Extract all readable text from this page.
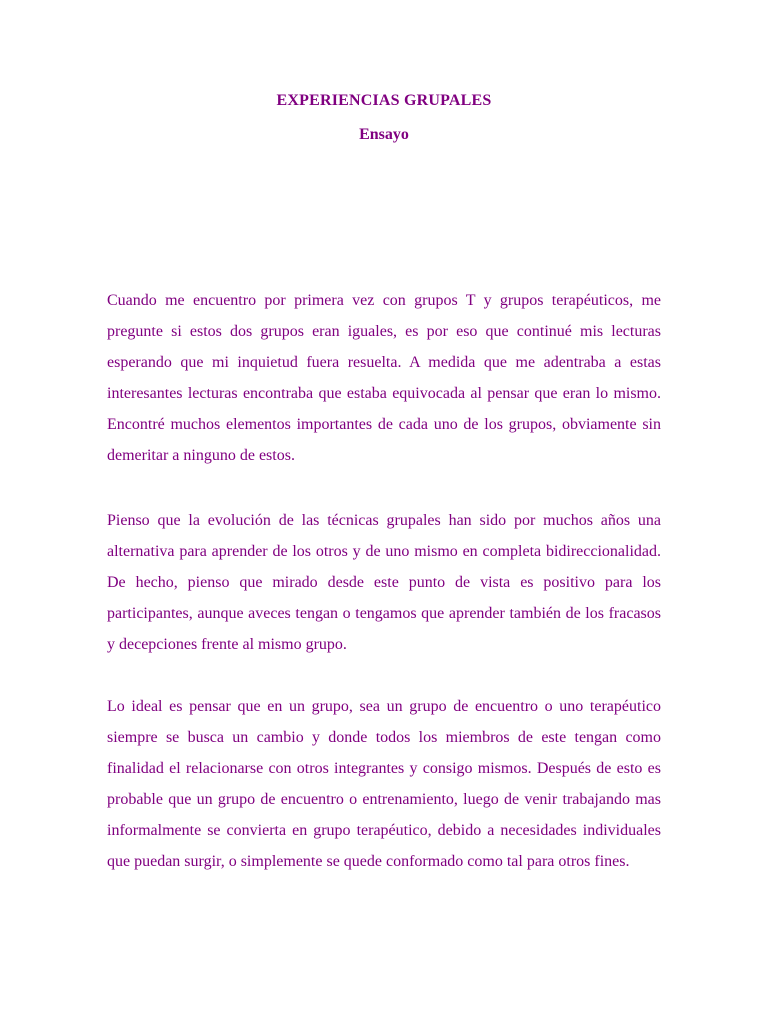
EXPERIENCIAS GRUPALES
Ensayo

Cuando me encuentro por primera vez con grupos T y grupos terapéuticos, me pregunte si estos dos grupos eran iguales, es por eso que continué mis lecturas esperando que mi inquietud fuera resuelta. A medida que me adentraba a estas interesantes lecturas encontraba que estaba equivocada al pensar que eran lo mismo. Encontré muchos elementos importantes de cada uno de los grupos, obviamente sin demeritar a ninguno de estos.

Pienso que la evolución de las técnicas grupales han sido por muchos años una alternativa para aprender de los otros y de uno mismo en completa bidireccionalidad. De hecho, pienso que mirado desde este punto de vista es positivo para los participantes, aunque aveces tengan o tengamos que aprender también de los fracasos y decepciones frente al mismo grupo.

Lo ideal es pensar que en un grupo, sea un grupo de encuentro o uno terapéutico siempre se busca un cambio y donde todos los miembros de este tengan como finalidad el relacionarse con otros integrantes y consigo mismos. Después de esto es probable que un grupo de encuentro o entrenamiento, luego de venir trabajando mas informalmente se convierta en grupo terapéutico, debido a necesidades individuales que puedan surgir, o simplemente se quede conformado como tal para otros fines.
